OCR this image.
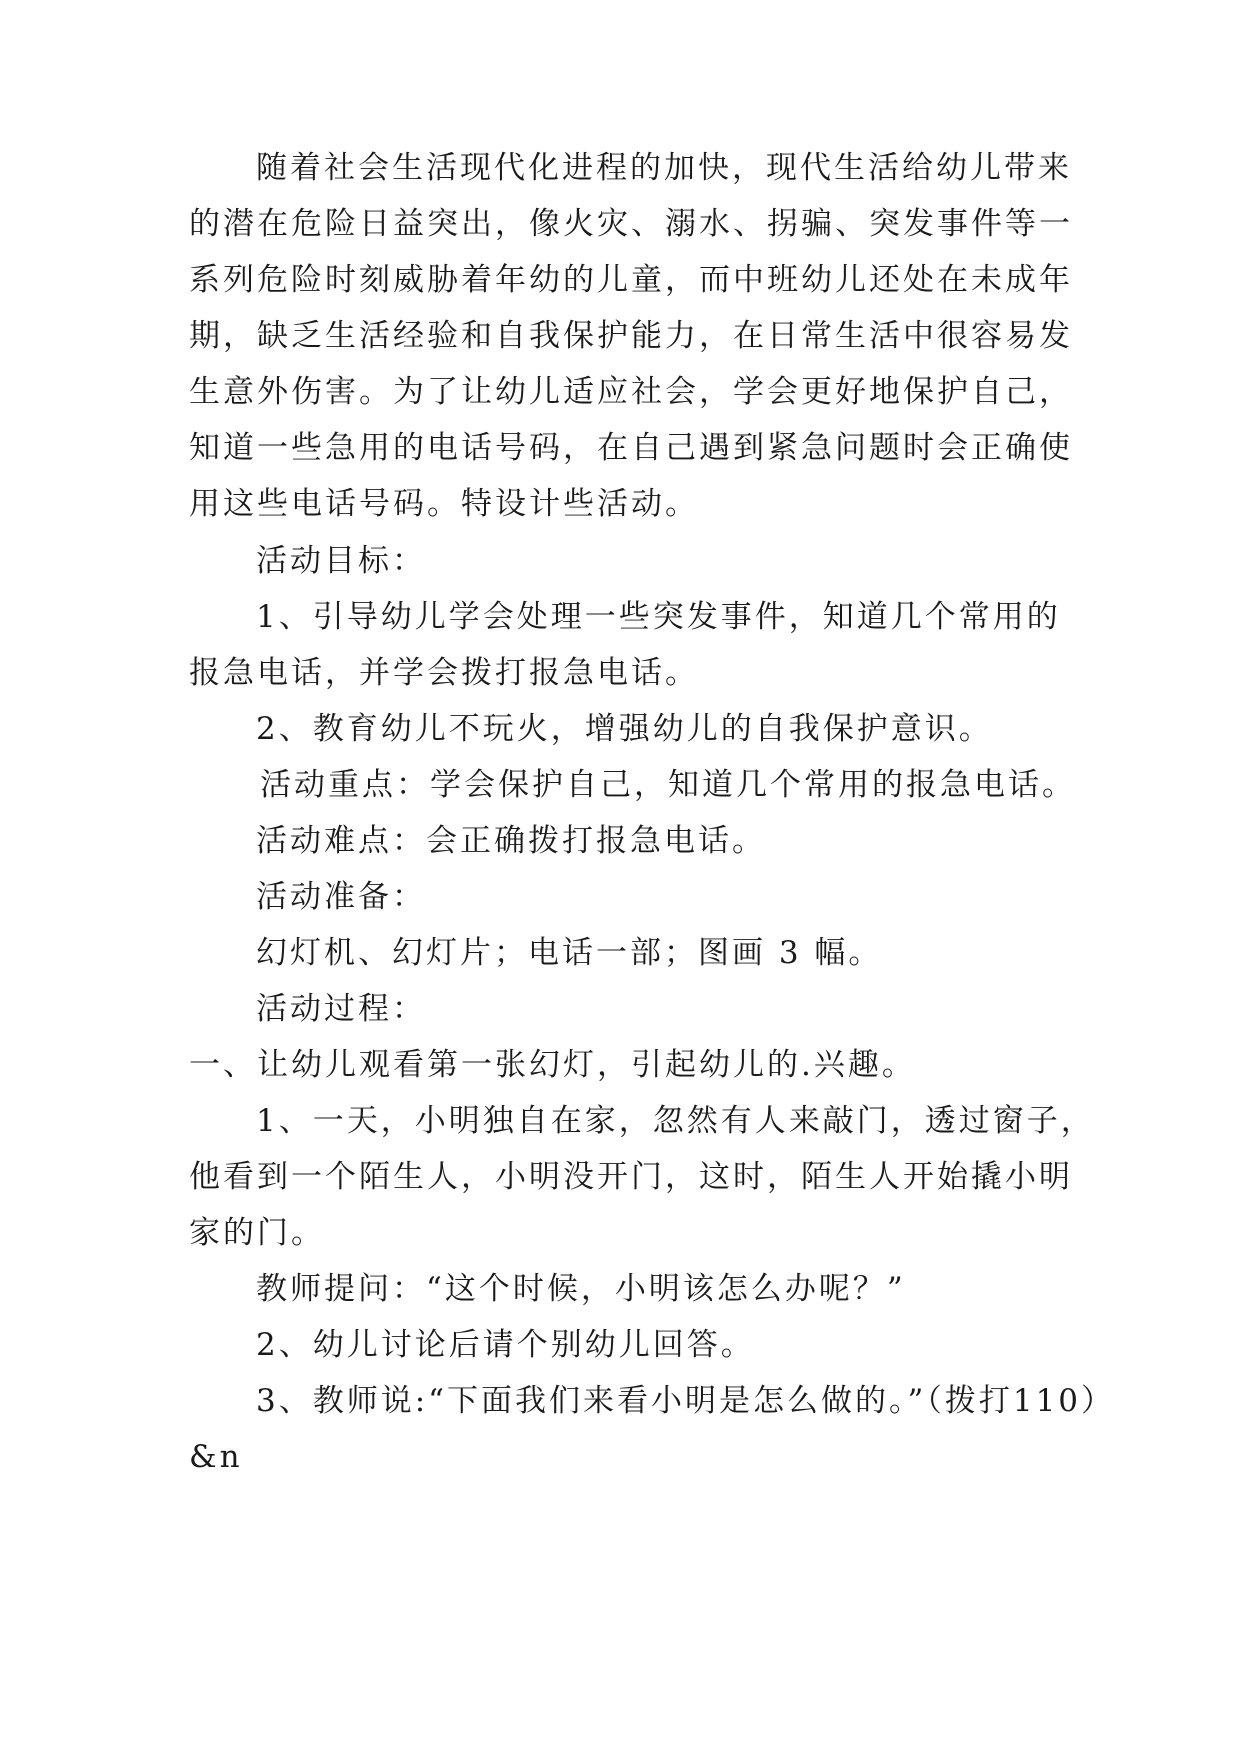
随着社会生活现代化进程的加快，现代生活给幼儿带来
的潜在危险日益突出，像火灾、溺水、拐骗、突发事件等一
系列危险时刻威胁着年幼的儿童，而中班幼儿还处在未成年
期，缺乏生活经验和自我保护能力，在日常生活中很容易发
生意外伤害。为了让幼儿适应社会，学会更好地保护自己，
知道一些急用的电话号码，在自己遇到紧急问题时会正确使
用这些电话号码。特设计些活动。
活动目标：
1、引导幼儿学会处理一些突发事件，知道几个常用的
报急电话，并学会拨打报急电话。
2、教育幼儿不玩火，增强幼儿的自我保护意识。
活动重点：学会保护自己，知道几个常用的报急电话。
活动难点：会正确拨打报急电话。
活动准备：
幻灯机、幻灯片；电话一部；图画 3 幅。
活动过程：
一、让幼儿观看第一张幻灯，引起幼儿的.兴趣。
1、一天，小明独自在家，忽然有人来敲门，透过窗子，
他看到一个陌生人，小明没开门，这时，陌生人开始撬小明
家的门。
教师提问：“这个时候，小明该怎么办呢？”
2、幼儿讨论后请个别幼儿回答。
3、教师说:“下面我们来看小明是怎么做的。”（拨打110）
&n
